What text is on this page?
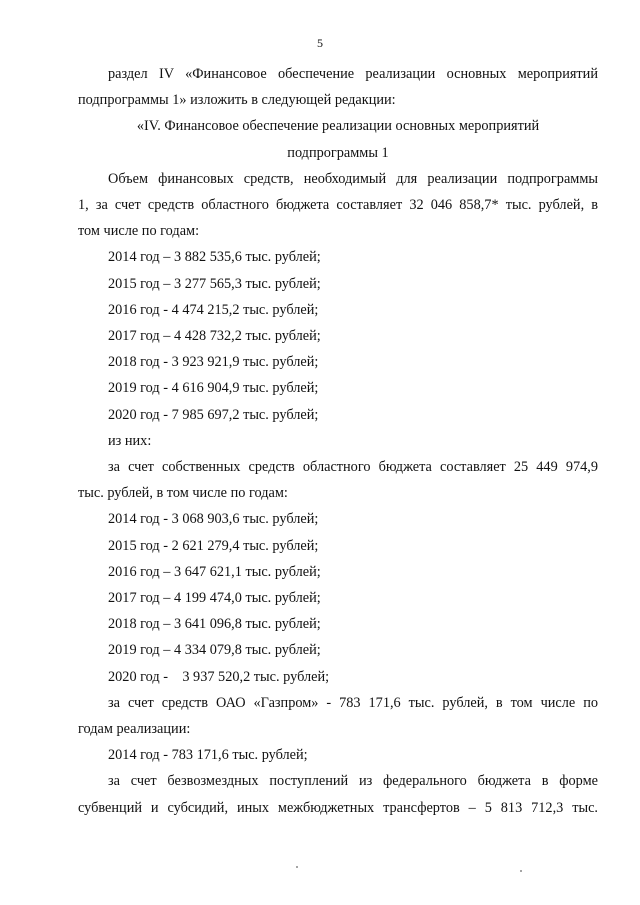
5

раздел IV «Финансовое обеспечение реализации основных мероприятий

подпрограммы 1» изложить в следующей редакции:

«IV. Финансовое обеспечение реализации основных мероприятий

подпрограммы 1

Объем финансовых средств, необходимый для реализации подпрограммы

1, за счет средств областного бюджета составляет 32 046 858,7* тыс. рублей, в

том числе по годам:

2014 год – 3 882 535,6 тыс. рублей;

2015 год – 3 277 565,3 тыс. рублей;

2016 год - 4 474 215,2 тыс. рублей;

2017 год – 4 428 732,2 тыс. рублей;

2018 год - 3 923 921,9 тыс. рублей;

2019 год - 4 616 904,9 тыс. рублей;

2020 год - 7 985 697,2 тыс. рублей;

из них:

за счет собственных средств областного бюджета составляет 25 449 974,9

тыс. рублей, в том числе по годам:

2014 год - 3 068 903,6 тыс. рублей;

2015 год - 2 621 279,4 тыс. рублей;

2016 год – 3 647 621,1 тыс. рублей;

2017 год – 4 199 474,0 тыс. рублей;

2018 год – 3 641 096,8 тыс. рублей;

2019 год – 4 334 079,8 тыс. рублей;

2020 год -    3 937 520,2 тыс. рублей;

за счет средств ОАО «Газпром» - 783 171,6 тыс. рублей, в том числе по

годам реализации:

2014 год - 783 171,6 тыс. рублей;

за счет безвозмездных поступлений из федерального бюджета в форме

субвенций и субсидий, иных межбюджетных трансфертов – 5 813 712,3 тыс.
